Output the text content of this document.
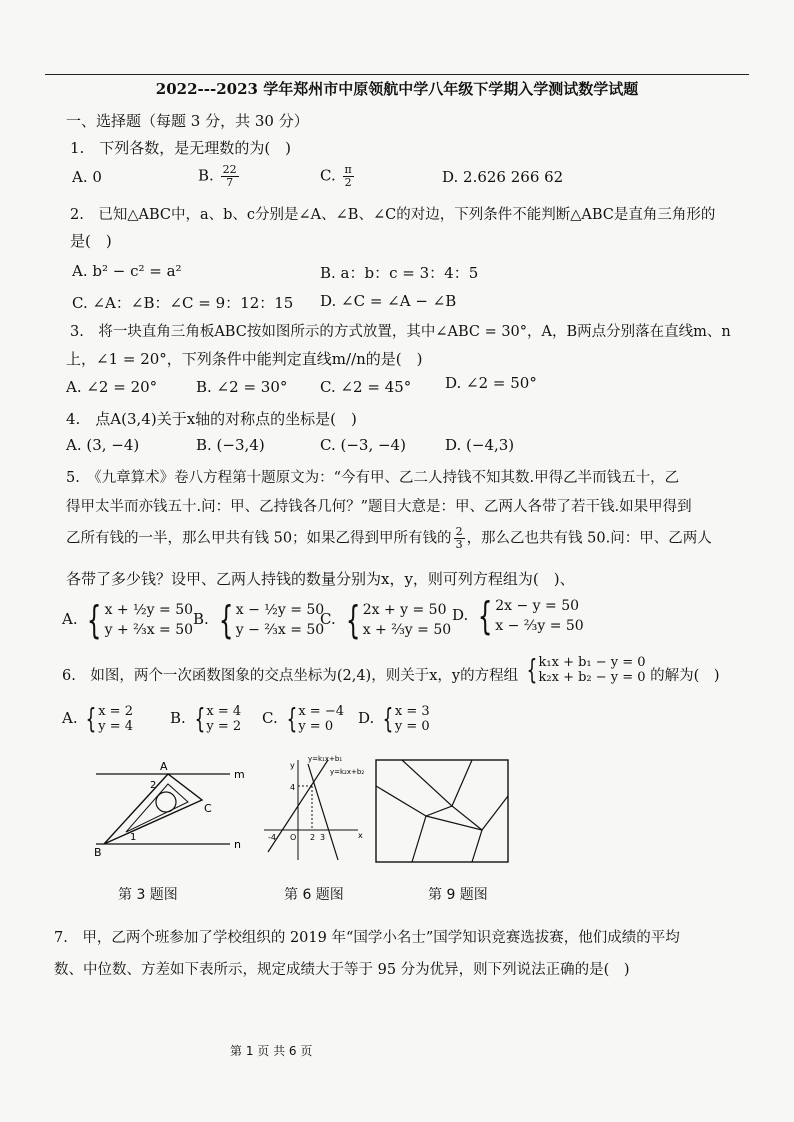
2022---2023 学年郑州市中原领航中学八年级下学期入学测试数学试题
一、选择题（每题 3 分，共 30 分）
1.　下列各数，是无理数的为(　)
A. 0	B. $\frac{22}{7}$	C. $\frac{\pi}{2}$	D. 2.626 266 62
2.　已知△ABC中，a、b、c分别是∠A、∠B、∠C的对边，下列条件不能判断△ABC是直角三角形的
是(　)
A. b² − c² = a²	B. a：b：c = 3：4：5
C. ∠A：∠B：∠C = 9：12：15 D. ∠C = ∠A − ∠B
3.　将一块直角三角板ABC按如图所示的方式放置，其中∠ABC = 30°，A，B两点分别落在直线m、n
上，∠1 = 20°，下列条件中能判定直线m//n的是(　)
A. ∠2 = 20°	B. ∠2 = 30° C. ∠2 = 45° D. ∠2 = 50°
4.　点A(3,4)关于x轴的对称点的坐标是(　)
A. (3, −4)	B. (−3,4)	C. (−3, −4)	D. (−4,3)
5.　《九章算术》卷八方程第十题原文为：“今有甲、乙二人持钱不知其数.甲得乙半而钱五十，乙
得甲太半而亦钱五十.问：甲、乙持钱各几何？”题目大意是：甲、乙两人各带了若干钱.如果甲得到
乙所有钱的一半，那么甲共有钱 50；如果乙得到甲所有钱的 $\frac{2}{3}$ ，那么乙也共有钱 50.问：甲、乙两人
各带了多少钱？设甲、乙两人持钱的数量分别为x，y，则可列方程组为(　)、
A. { x + ½y = 50
y + ⅔x = 50
B. { x − ½y = 50
y − ⅔x = 50
C. { 2x + y = 50
x + ⅔y = 50
D. { 2x − y = 50
x − ⅔y = 50
6.　如图，两个一次函数图象的交点坐标为(2,4)，则关于x，y的方程组 { k₁x + b₁ − y = 0
k₂x + b₂ − y = 0 的解为(　)
A. { x = 2
y = 4 B. { x = 4
y = 2 C. { x = −4
y = 0	D. { x = 3
y = 0
A
B
C
m
n
2
1
第 3 题图
y=k₁x+b₁
y=k₂x+b₂
y
x
O
4
-4	2 3
第 6 题图	第 9 题图
7.　甲，乙两个班参加了学校组织的 2019 年“国学小名士”国学知识竞赛选拔赛，他们成绩的平均
数、中位数、方差如下表所示，规定成绩大于等于 95 分为优异，则下列说法正确的是(　)
第 1 页 共 6 页
